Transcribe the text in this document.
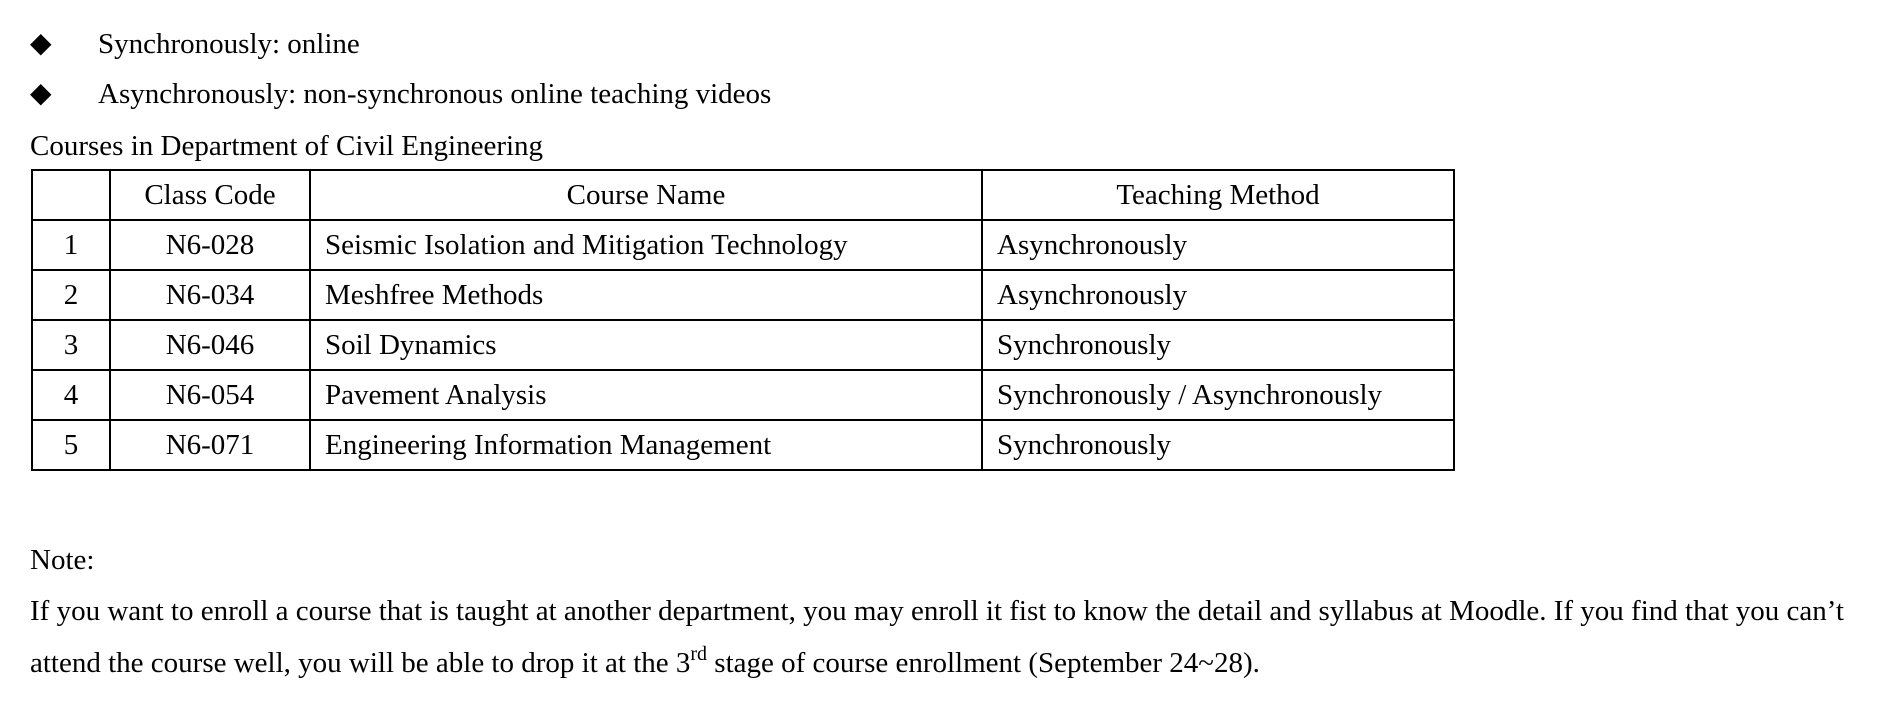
◆	Synchronously: online
◆	Asynchronously: non-synchronous online teaching videos
Courses in Department of Civil Engineering
	Class Code	Course Name	Teaching Method
1	N6-028	Seismic Isolation and Mitigation Technology	Asynchronously
2	N6-034	Meshfree Methods	Asynchronously
3	N6-046	Soil Dynamics	Synchronously
4	N6-054	Pavement Analysis	Synchronously / Asynchronously
5	N6-071	Engineering Information Management	Synchronously
Note:
If you want to enroll a course that is taught at another department, you may enroll it fist to know the detail and syllabus at Moodle. If you find that you can’t attend the course well, you will be able to drop it at the 3rd stage of course enrollment (September 24~28).
